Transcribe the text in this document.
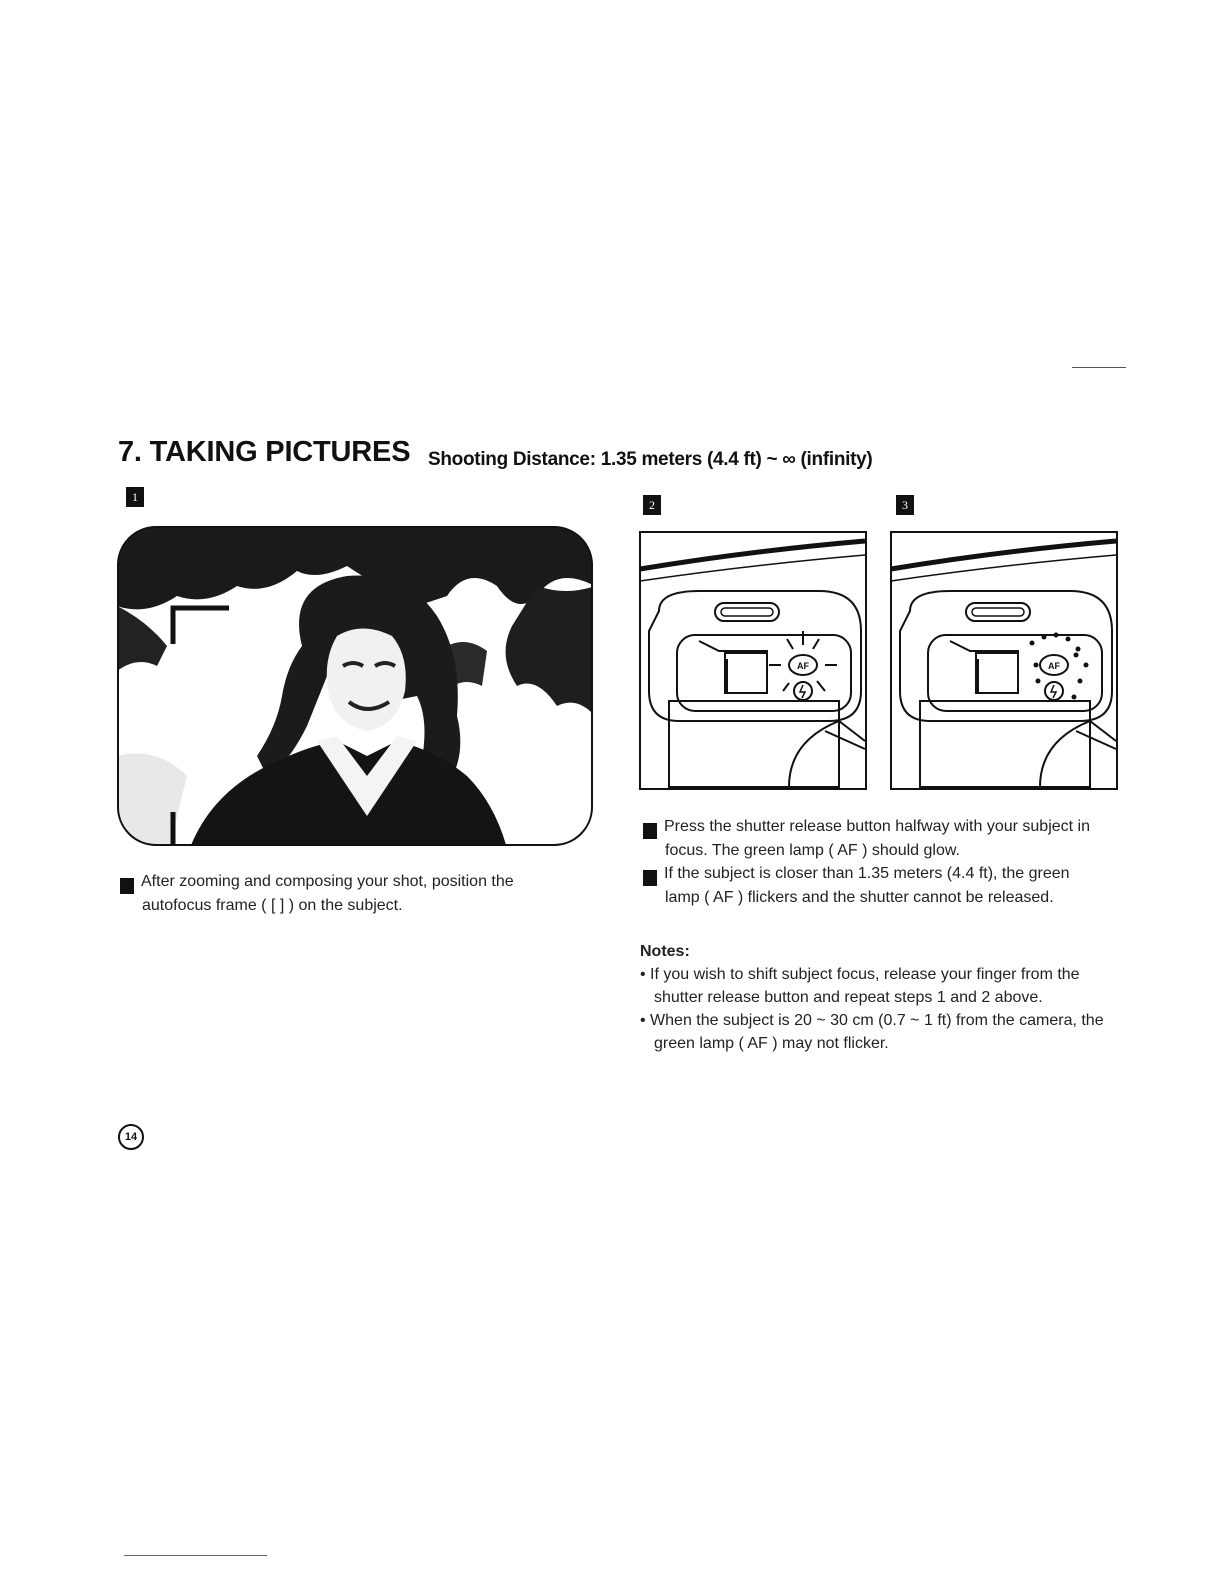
7. TAKING PICTURES Shooting Distance: 1.35 meters (4.4 ft) ~ ∞ (infinity)
1
2	3
AF	AF

1 After zooming and composing your shot, position the autofocus frame ( [ ] ) on the subject.

2 Press the shutter release button halfway with your subject in focus. The green lamp ( AF ) should glow.

3 If the subject is closer than 1.35 meters (4.4 ft), the green lamp ( AF ) flickers and the shutter cannot be released.

Notes:

• If you wish to shift subject focus, release your finger from the shutter release button and repeat steps 1 and 2 above.

• When the subject is 20 ~ 30 cm (0.7 ~ 1 ft) from the camera, the green lamp ( AF ) may not flicker.

14
